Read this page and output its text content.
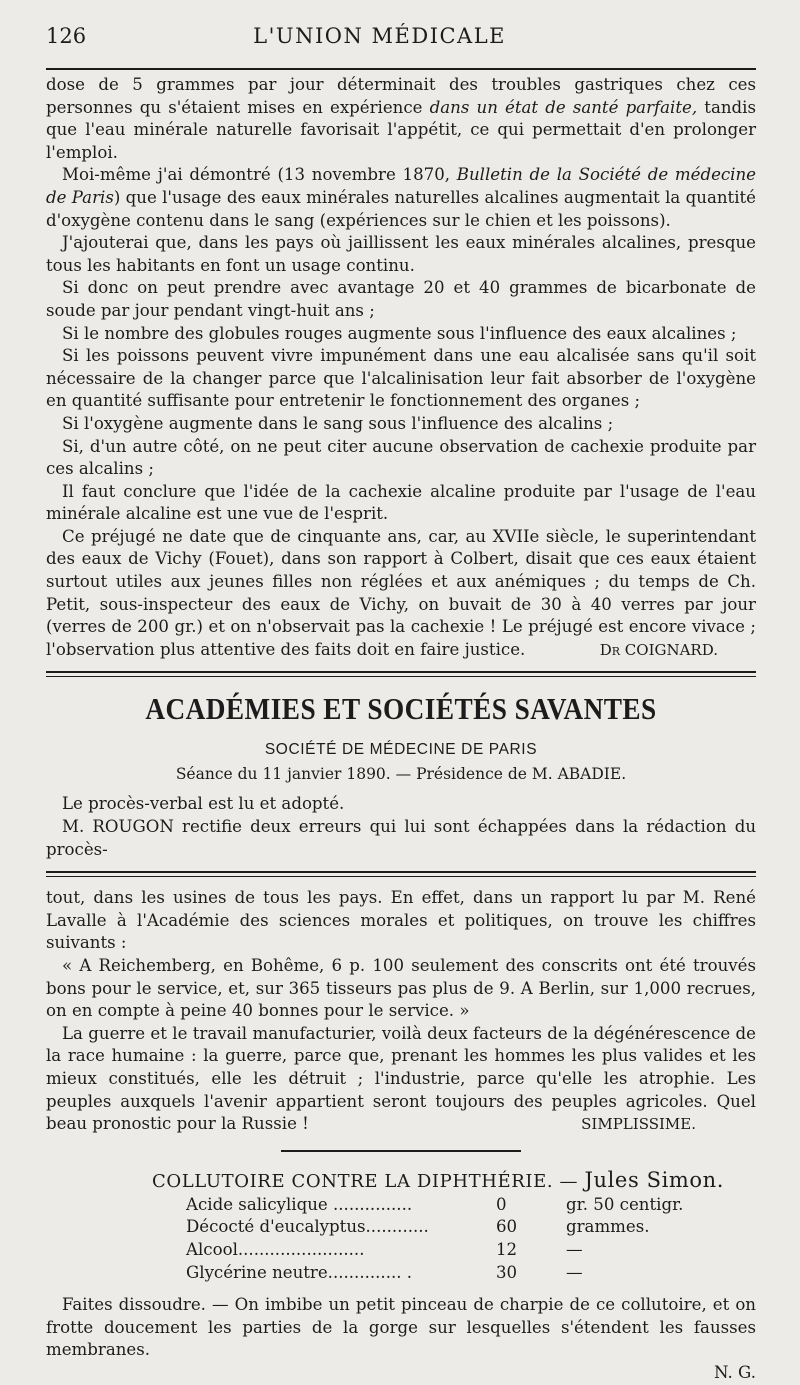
126	L'UNION MÉDICALE

dose de 5 grammes par jour déterminait des troubles gastriques chez ces personnes qu s'étaient mises en expérience dans un état de santé parfaite, tandis que l'eau minérale naturelle favorisait l'appétit, ce qui permettait d'en prolonger l'emploi.

Moi-même j'ai démontré (13 novembre 1870, Bulletin de la Société de médecine de Paris) que l'usage des eaux minérales naturelles alcalines augmentait la quantité d'oxygène contenu dans le sang (expériences sur le chien et les poissons).

J'ajouterai que, dans les pays où jaillissent les eaux minérales alcalines, presque tous les habitants en font un usage continu.

Si donc on peut prendre avec avantage 20 et 40 grammes de bicarbonate de soude par jour pendant vingt-huit ans ;

Si le nombre des globules rouges augmente sous l'influence des eaux alcalines ;

Si les poissons peuvent vivre impunément dans une eau alcalisée sans qu'il soit nécessaire de la changer parce que l'alcalinisation leur fait absorber de l'oxygène en quantité suffisante pour entretenir le fonctionnement des organes ;

Si l'oxygène augmente dans le sang sous l'influence des alcalins ;

Si, d'un autre côté, on ne peut citer aucune observation de cachexie produite par ces alcalins ;

Il faut conclure que l'idée de la cachexie alcaline produite par l'usage de l'eau minérale alcaline est une vue de l'esprit.

Ce préjugé ne date que de cinquante ans, car, au XVIIe siècle, le superintendant des eaux de Vichy (Fouet), dans son rapport à Colbert, disait que ces eaux étaient surtout utiles aux jeunes filles non réglées et aux anémiques ; du temps de Ch. Petit, sous-inspecteur des eaux de Vichy, on buvait de 30 à 40 verres par jour (verres de 200 gr.) et on n'observait pas la cachexie ! Le préjugé est encore vivace ; l'observation plus attentive des faits doit en faire justice.	Dr COIGNARD.

ACADÉMIES ET SOCIÉTÉS SAVANTES
SOCIÉTÉ DE MÉDECINE DE PARIS
Séance du 11 janvier 1890. — Présidence de M. ABADIE.

Le procès-verbal est lu et adopté.

M. ROUGON rectifie deux erreurs qui lui sont échappées dans la rédaction du procès-

tout, dans les usines de tous les pays. En effet, dans un rapport lu par M. René Lavalle à l'Académie des sciences morales et politiques, on trouve les chiffres suivants :

« A Reichemberg, en Bohême, 6 p. 100 seulement des conscrits ont été trouvés bons pour le service, et, sur 365 tisseurs pas plus de 9. A Berlin, sur 1,000 recrues, on en compte à peine 40 bonnes pour le service. »

La guerre et le travail manufacturier, voilà deux facteurs de la dégénérescence de la race humaine : la guerre, parce que, prenant les hommes les plus valides et les mieux constitués, elle les détruit ; l'industrie, parce qu'elle les atrophie. Les peuples auxquels l'avenir appartient seront toujours des peuples agricoles. Quel beau pronostic pour la Russie !	SIMPLISSIME.

COLLUTOIRE CONTRE LA DIPHTHÉRIE. — Jules Simon.
Acide salicylique ...............	0	gr. 50 centigr.
Décocté d'eucalyptus............	60	grammes.
Alcool........................	12	—
Glycérine neutre.............. .	30	—

Faites dissoudre. — On imbibe un petit pinceau de charpie de ce collutoire, et on frotte doucement les parties de la gorge sur lesquelles s'étendent les fausses membranes.

N. G.
